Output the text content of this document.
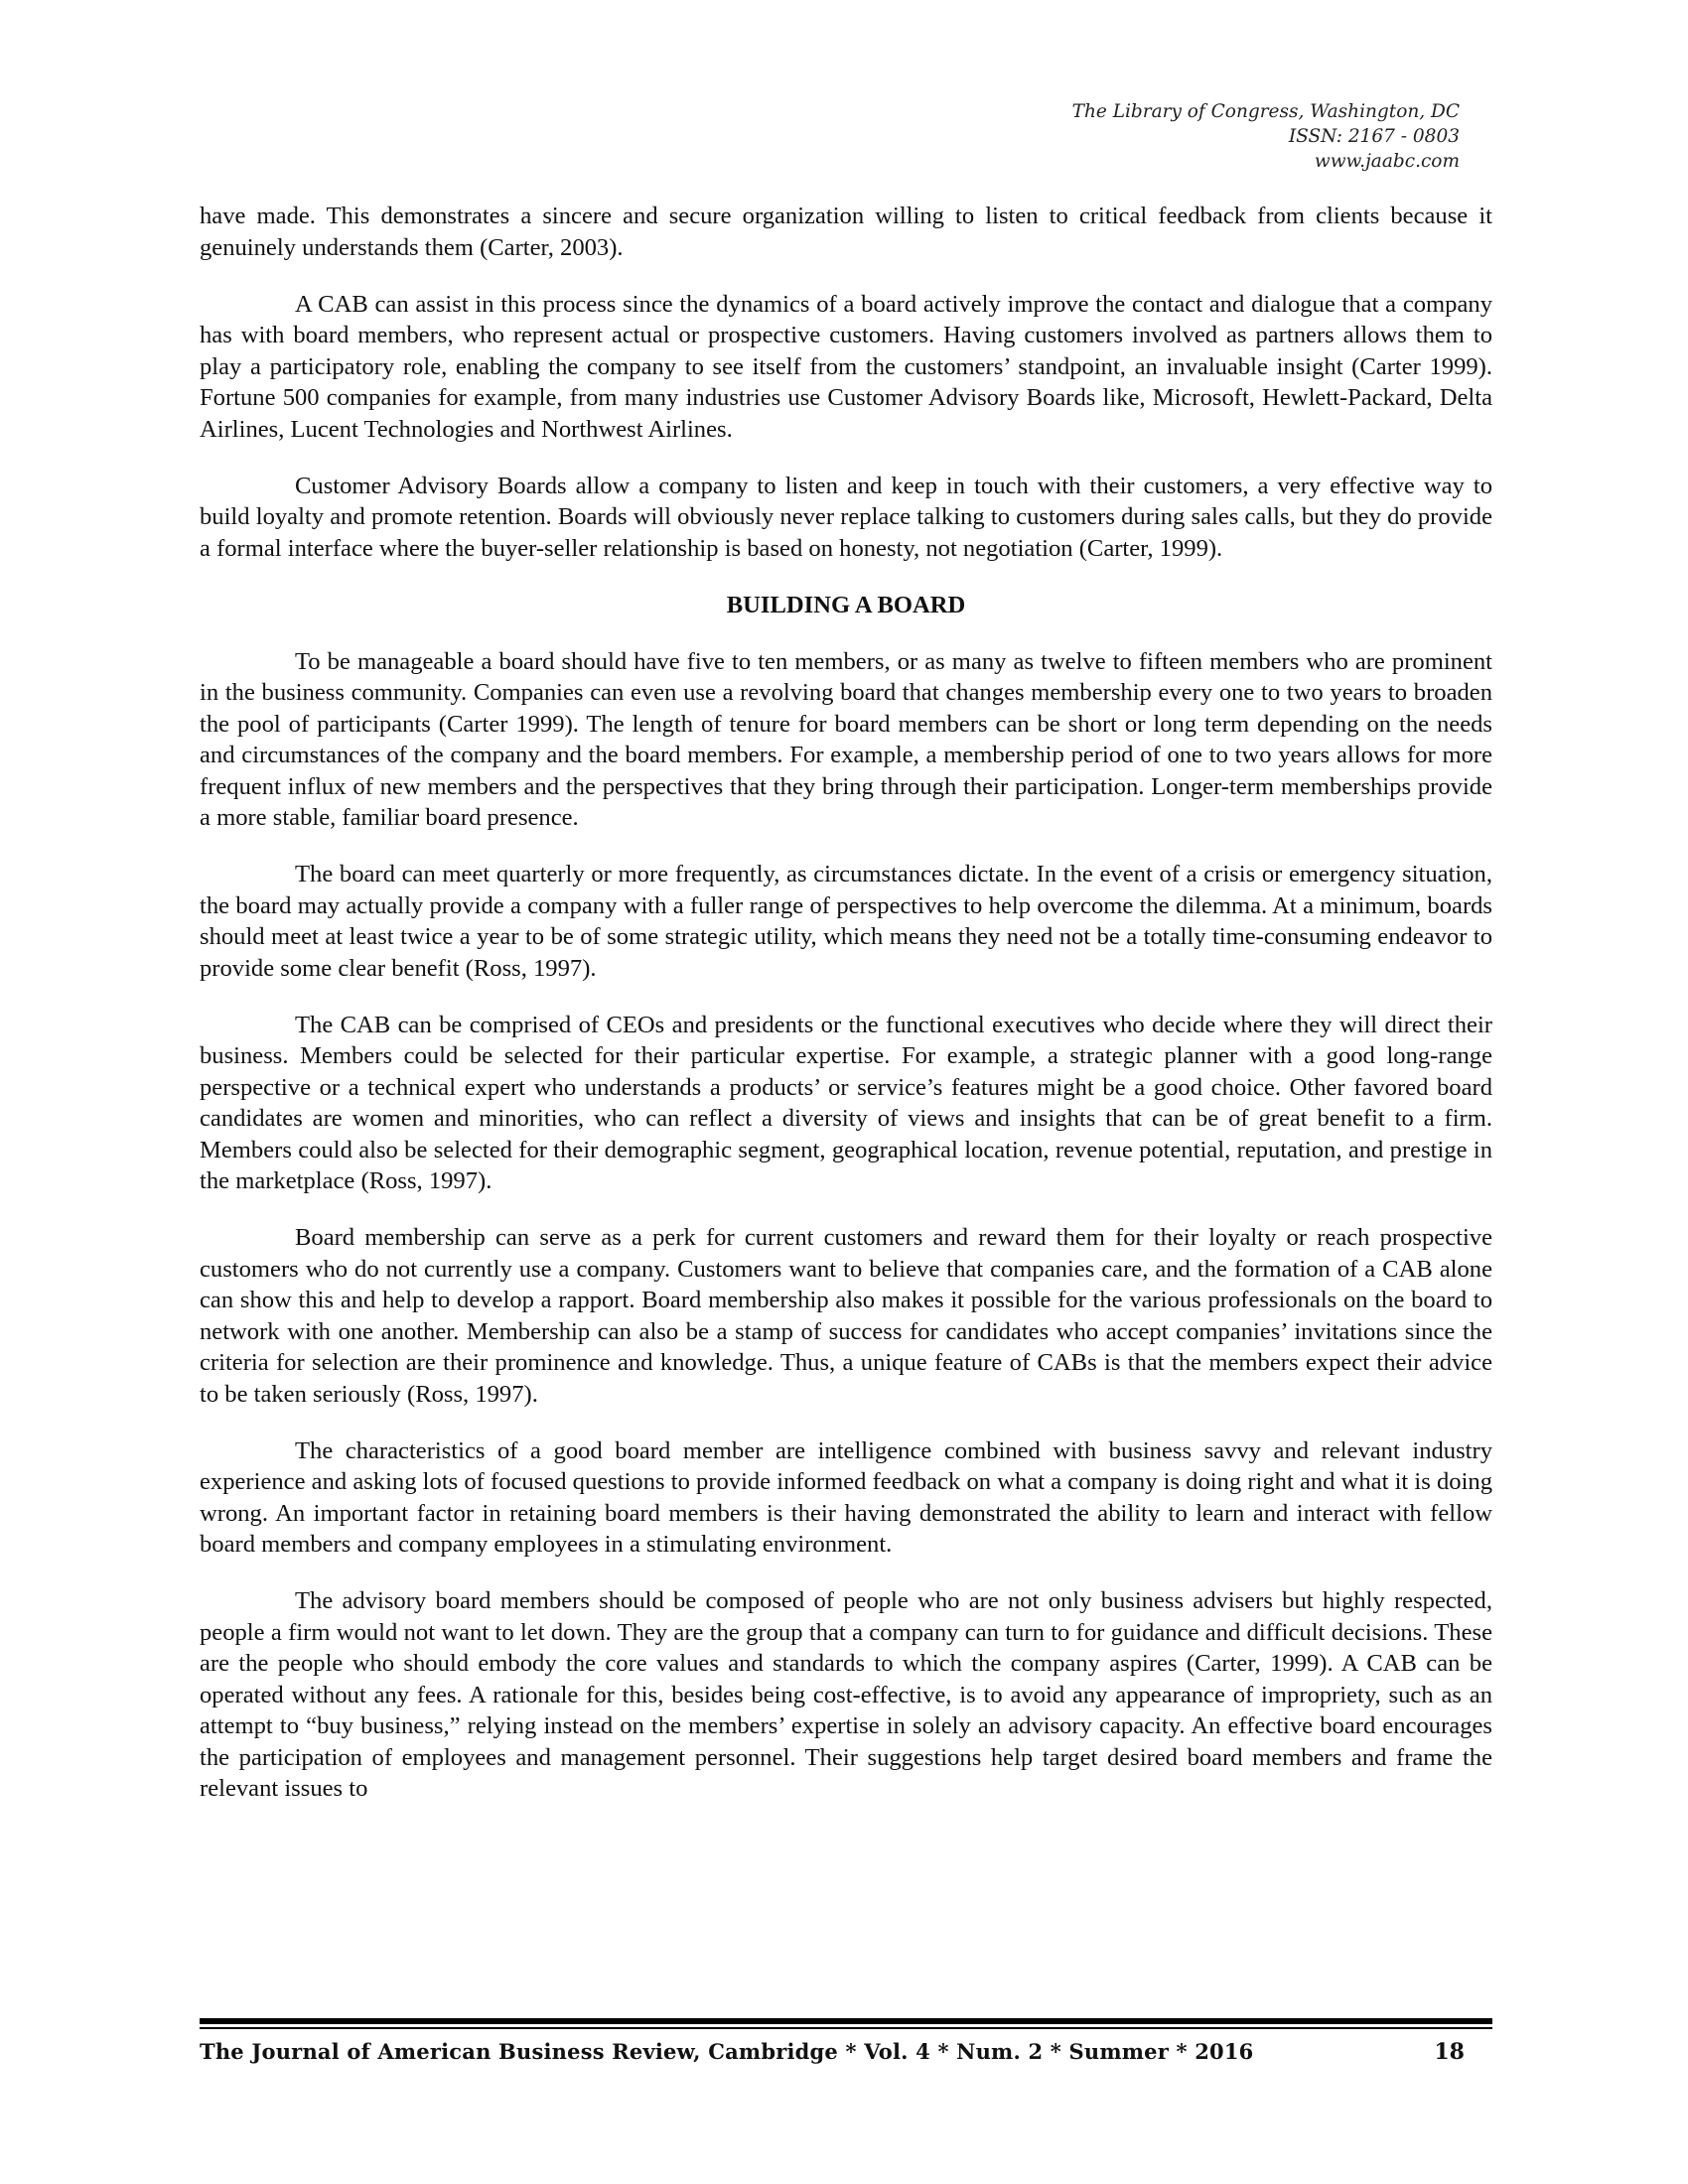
The Library of Congress, Washington, DC
ISSN: 2167 - 0803
www.jaabc.com

have made. This demonstrates a sincere and secure organization willing to listen to critical feedback from clients because it genuinely understands them (Carter, 2003).

A CAB can assist in this process since the dynamics of a board actively improve the contact and dialogue that a company has with board members, who represent actual or prospective customers. Having customers involved as partners allows them to play a participatory role, enabling the company to see itself from the customers’ standpoint, an invaluable insight (Carter 1999). Fortune 500 companies for example, from many industries use Customer Advisory Boards like, Microsoft, Hewlett-Packard, Delta Airlines, Lucent Technologies and Northwest Airlines.

Customer Advisory Boards allow a company to listen and keep in touch with their customers, a very effective way to build loyalty and promote retention. Boards will obviously never replace talking to customers during sales calls, but they do provide a formal interface where the buyer-seller relationship is based on honesty, not negotiation (Carter, 1999).

BUILDING A BOARD

To be manageable a board should have five to ten members, or as many as twelve to fifteen members who are prominent in the business community. Companies can even use a revolving board that changes membership every one to two years to broaden the pool of participants (Carter 1999). The length of tenure for board members can be short or long term depending on the needs and circumstances of the company and the board members. For example, a membership period of one to two years allows for more frequent influx of new members and the perspectives that they bring through their participation. Longer-term memberships provide a more stable, familiar board presence.

The board can meet quarterly or more frequently, as circumstances dictate. In the event of a crisis or emergency situation, the board may actually provide a company with a fuller range of perspectives to help overcome the dilemma. At a minimum, boards should meet at least twice a year to be of some strategic utility, which means they need not be a totally time-consuming endeavor to provide some clear benefit (Ross, 1997).

The CAB can be comprised of CEOs and presidents or the functional executives who decide where they will direct their business. Members could be selected for their particular expertise. For example, a strategic planner with a good long-range perspective or a technical expert who understands a products’ or service’s features might be a good choice. Other favored board candidates are women and minorities, who can reflect a diversity of views and insights that can be of great benefit to a firm. Members could also be selected for their demographic segment, geographical location, revenue potential, reputation, and prestige in the marketplace (Ross, 1997).

Board membership can serve as a perk for current customers and reward them for their loyalty or reach prospective customers who do not currently use a company. Customers want to believe that companies care, and the formation of a CAB alone can show this and help to develop a rapport. Board membership also makes it possible for the various professionals on the board to network with one another. Membership can also be a stamp of success for candidates who accept companies’ invitations since the criteria for selection are their prominence and knowledge. Thus, a unique feature of CABs is that the members expect their advice to be taken seriously (Ross, 1997).

The characteristics of a good board member are intelligence combined with business savvy and relevant industry experience and asking lots of focused questions to provide informed feedback on what a company is doing right and what it is doing wrong. An important factor in retaining board members is their having demonstrated the ability to learn and interact with fellow board members and company employees in a stimulating environment.

The advisory board members should be composed of people who are not only business advisers but highly respected, people a firm would not want to let down. They are the group that a company can turn to for guidance and difficult decisions. These are the people who should embody the core values and standards to which the company aspires (Carter, 1999). A CAB can be operated without any fees. A rationale for this, besides being cost-effective, is to avoid any appearance of impropriety, such as an attempt to “buy business,” relying instead on the members’ expertise in solely an advisory capacity. An effective board encourages the participation of employees and management personnel. Their suggestions help target desired board members and frame the relevant issues to

The Journal of American Business Review, Cambridge * Vol. 4 * Num. 2 * Summer * 2016	18
